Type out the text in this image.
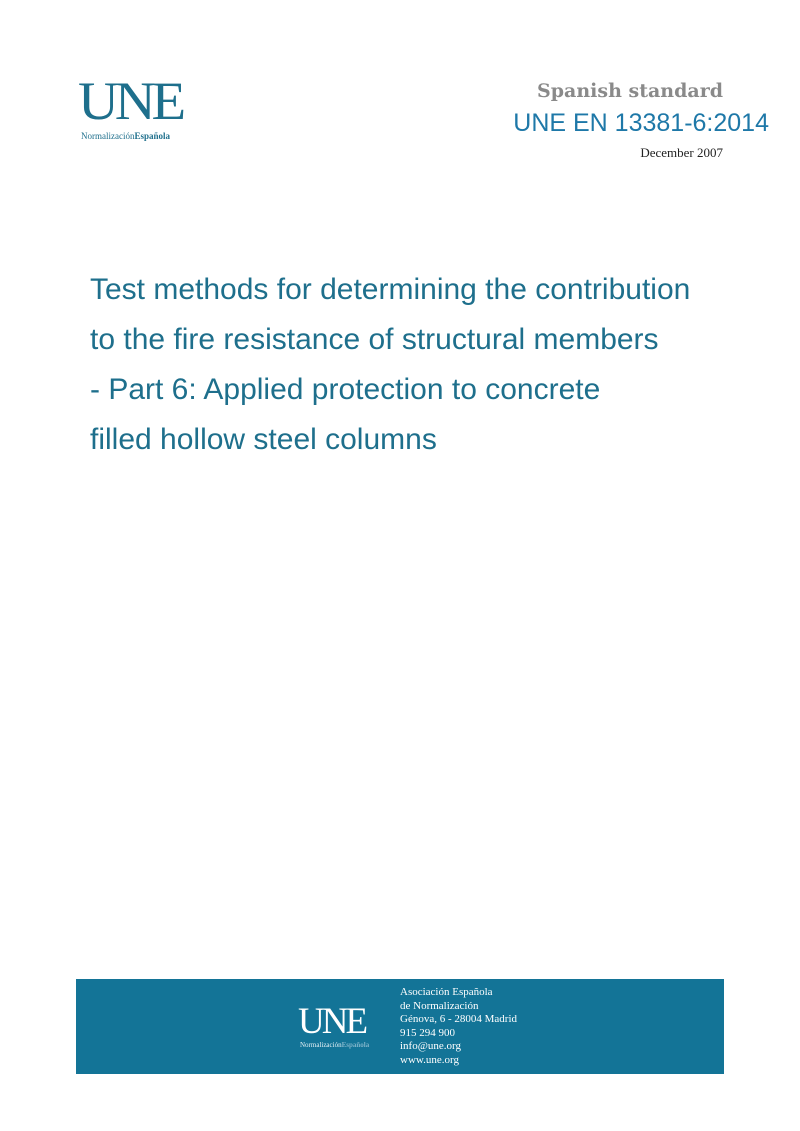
UNE
NormalizaciónEspañola
Spanish standard
UNE EN 13381-6:2014
December 2007
Test methods for determining the contribution
to the fire resistance of structural members
- Part 6: Applied protection to concrete
filled hollow steel columns
UNE
NormalizaciónEspañola
Asociación Española
de Normalización
Génova, 6 - 28004 Madrid
915 294 900
info@une.org
www.une.org
